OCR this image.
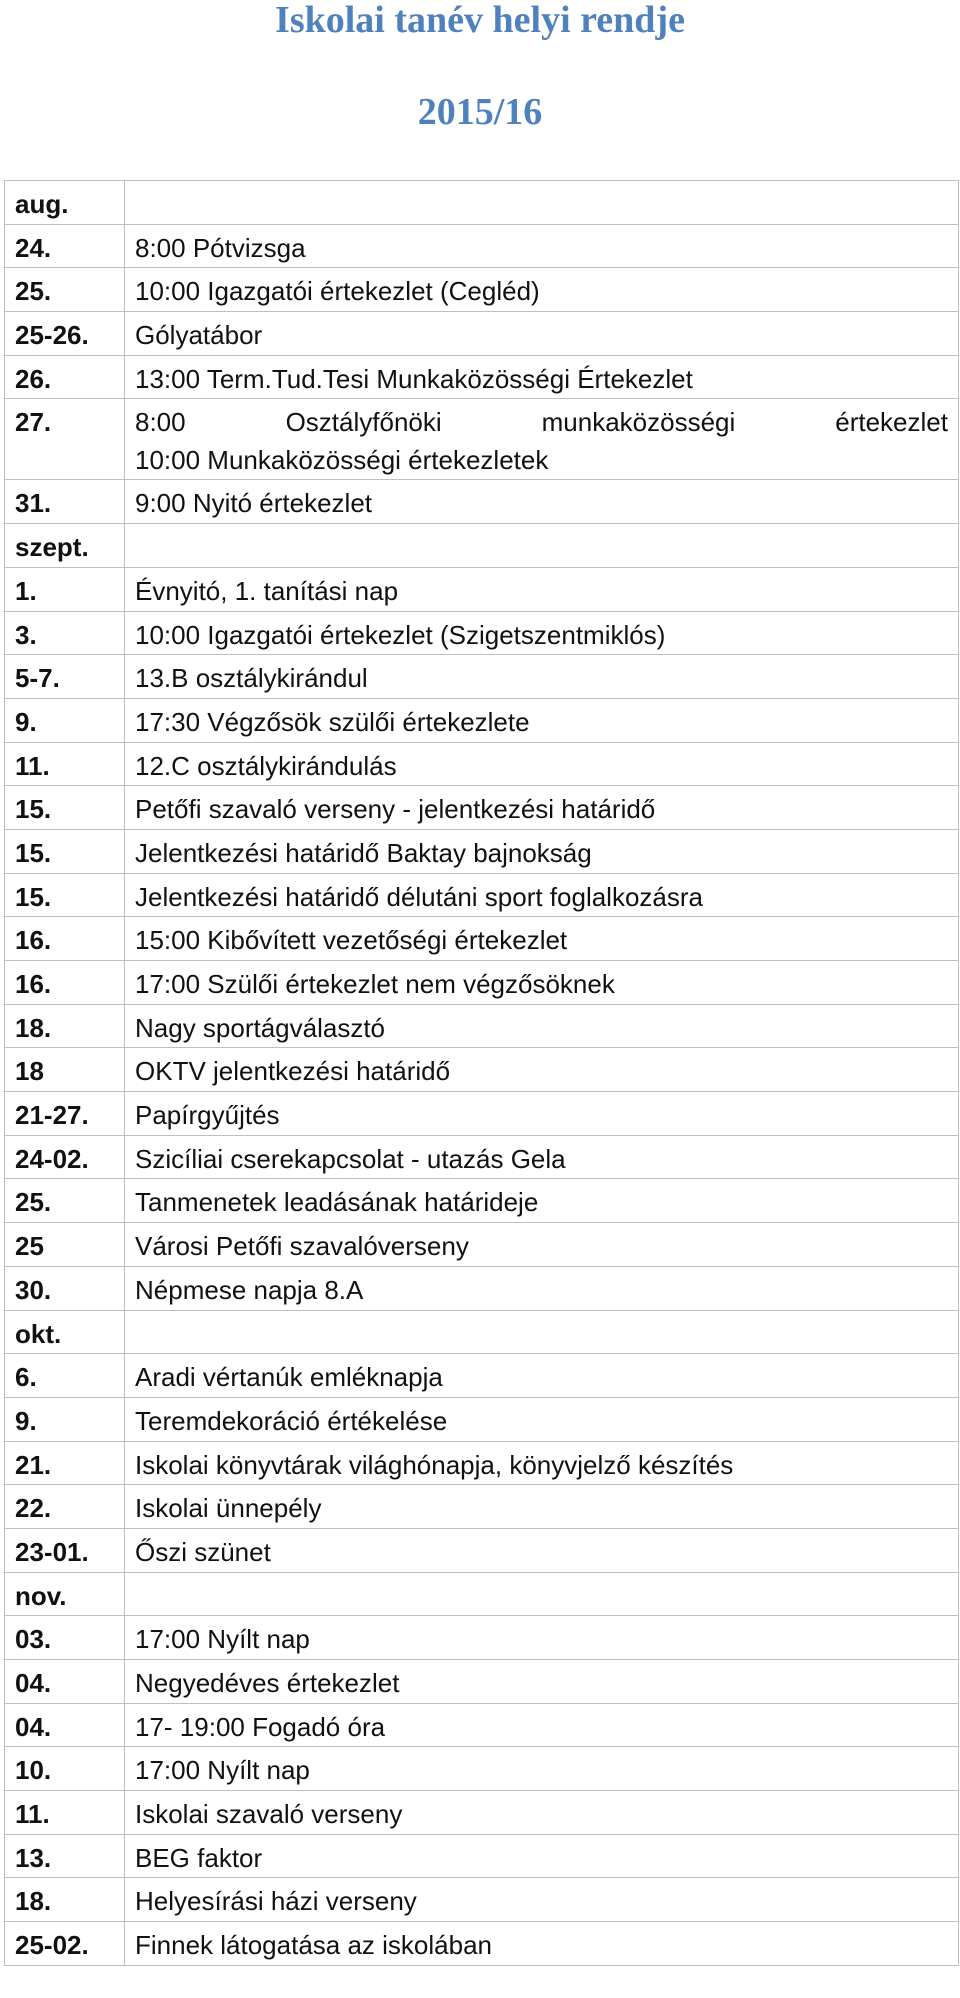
Iskolai tanév helyi rendje
2015/16
aug.	
24.	8:00 Pótvizsga
25.	10:00 Igazgatói értekezlet (Cegléd)
25-26.	Gólyatábor
26.	13:00 Term.Tud.Tesi Munkaközösségi Értekezlet
27.	8:00 Osztályfőnöki munkaközösségi értekezlet
10:00 Munkaközösségi értekezletek

31.	9:00 Nyitó értekezlet
szept.	
1.	Évnyitó, 1. tanítási nap
3.	10:00 Igazgatói értekezlet (Szigetszentmiklós)
5-7.	13.B osztálykirándul
9.	17:30 Végzősök szülői értekezlete
11.	12.C osztálykirándulás
15.	Petőfi szavaló verseny - jelentkezési határidő
15.	Jelentkezési határidő Baktay bajnokság
15.	Jelentkezési határidő délutáni sport foglalkozásra
16.	15:00 Kibővített vezetőségi értekezlet
16.	17:00 Szülői értekezlet nem végzősöknek
18.	Nagy sportágválasztó
18	OKTV jelentkezési határidő
21-27.	Papírgyűjtés
24-02.	Szicíliai cserekapcsolat - utazás Gela
25.	Tanmenetek leadásának határideje
25	Városi Petőfi szavalóverseny
30.	Népmese napja 8.A
okt.	
6.	Aradi vértanúk emléknapja
9.	Teremdekoráció értékelése
21.	Iskolai könyvtárak világhónapja, könyvjelző készítés
22.	Iskolai ünnepély
23-01.	Őszi szünet
nov.	
03.	17:00 Nyílt nap
04.	Negyedéves értekezlet
04.	17- 19:00 Fogadó óra
10.	17:00 Nyílt nap
11.	Iskolai szavaló verseny
13.	BEG faktor
18.	Helyesírási házi verseny
25-02.	Finnek látogatása az iskolában
